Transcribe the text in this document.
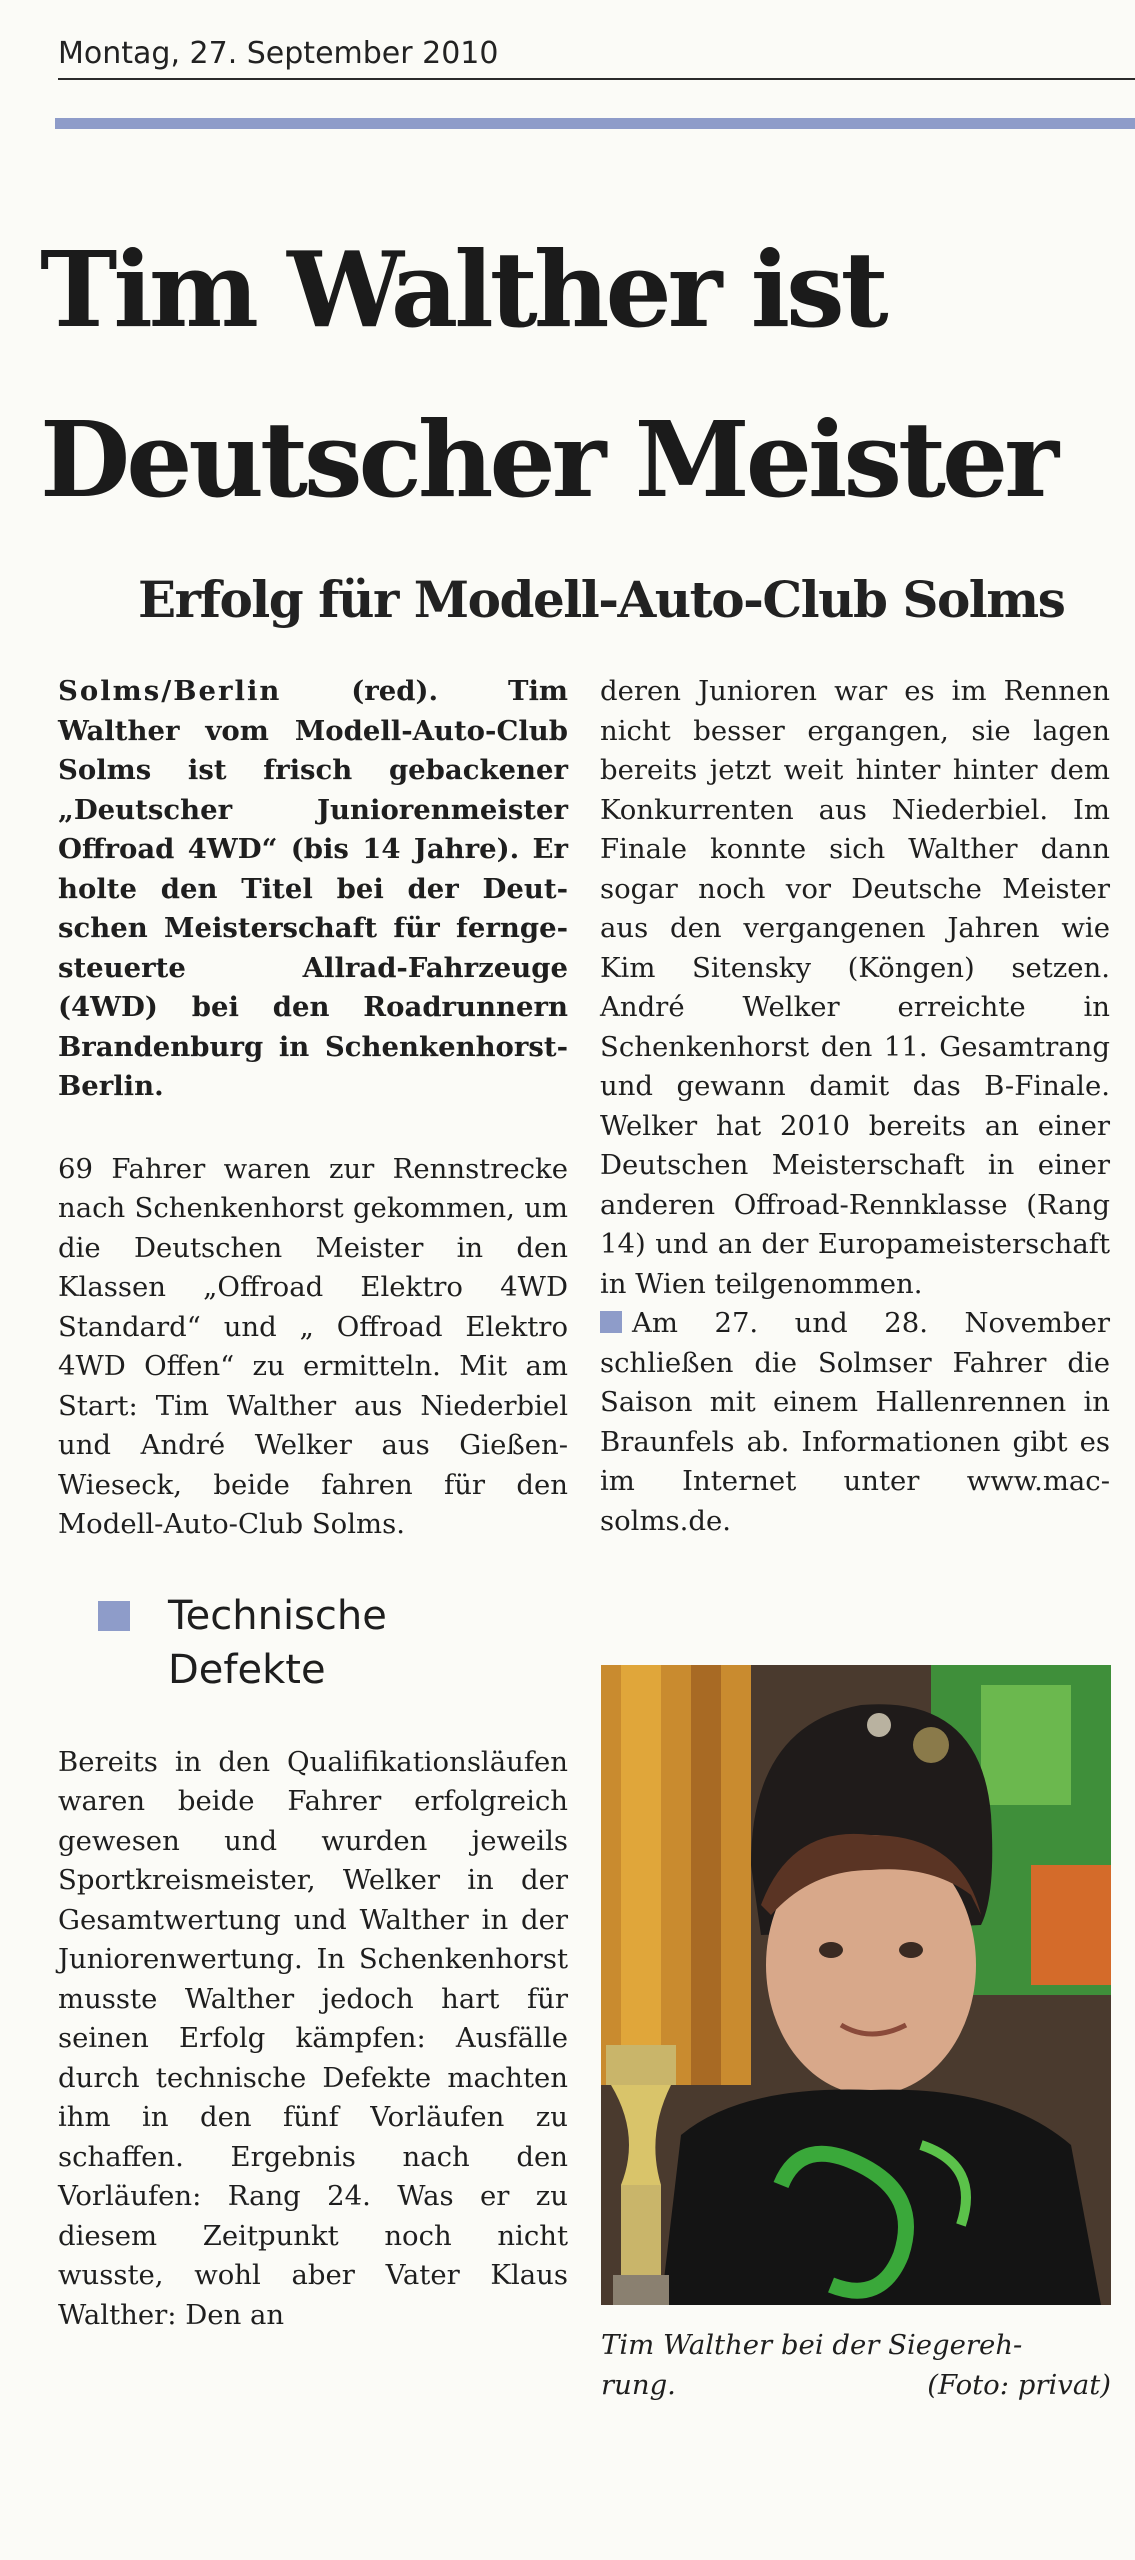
Montag, 27. September 2010
Tim Walther ist
Deutscher Meister
Erfolg für Modell-Auto-Club Solms

Solms/Berlin (red). Tim Walther vom Modell-Auto-Club Solms ist frisch gebackener „Deutscher Juniorenmeister Offroad 4WD“ (bis 14 Jahre). Er holte den Titel bei der Deutschen Meisterschaft für ferngesteuerte Allrad-Fahrzeuge (4WD) bei den Roadrunnern Brandenburg in Schenkenhorst-Berlin.

69 Fahrer waren zur Rennstrecke nach Schenkenhorst gekommen, um die Deutschen Meister in den Klassen „Offroad Elektro 4WD Standard“ und „ Offroad Elektro 4WD Offen“ zu ermitteln. Mit am Start: Tim Walther aus Niederbiel und André Welker aus Gießen-Wieseck, beide fahren für den Modell-Auto-Club Solms.

Technische
Defekte

Bereits in den Qualifikationsläufen waren beide Fahrer erfolgreich gewesen und wurden jeweils Sportkreismeister, Welker in der Gesamtwertung und Walther in der Juniorenwertung. In Schenkenhorst musste Walther jedoch hart für seinen Erfolg kämpfen: Ausfälle durch technische Defekte machten ihm in den fünf Vorläufen zu schaffen. Ergebnis nach den Vorläufen: Rang 24. Was er zu diesem Zeitpunkt noch nicht wusste, wohl aber Vater Klaus Walther: Den an

deren Junioren war es im Rennen nicht besser ergangen, sie lagen bereits jetzt weit hinter hinter dem Konkurrenten aus Niederbiel. Im Finale konnte sich Walther dann sogar noch vor Deutsche Meister aus den vergangenen Jahren wie Kim Sitensky (Köngen) setzen. André Welker erreichte in Schenkenhorst den 11. Gesamtrang und gewann damit das B-Finale. Welker hat 2010 bereits an einer Deutschen Meisterschaft in einer anderen Offroad-Rennklasse (Rang 14) und an der Europameisterschaft in Wien teilgenommen.

Am 27. und 28. November schließen die Solmser Fahrer die Saison mit einem Hallenrennen in Braunfels ab. Informationen gibt es im Internet unter www.mac-solms.de.

Tim Walther bei der Siegereh-
rung.	(Foto: privat)
